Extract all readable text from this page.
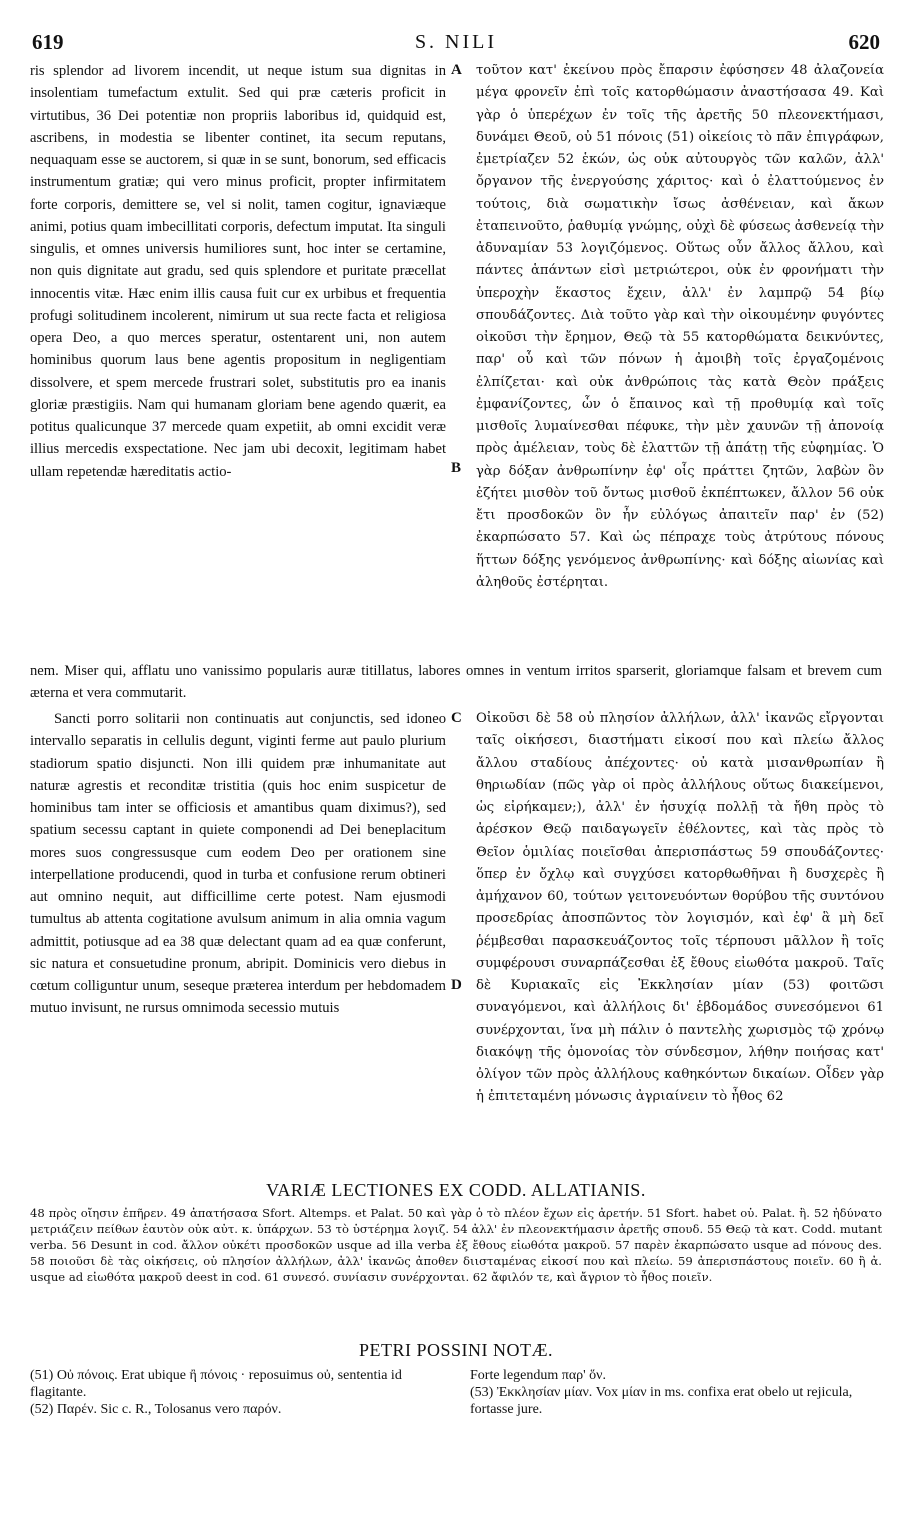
619	S. NILI	620

ris splendor ad livorem incendit, ut neque istum sua dignitas in insolentiam tumefactum extulit. Sed qui præ cæteris proficit in virtutibus, 36 Dei potentiæ non propriis laboribus id, quidquid est, ascribens, in modestia se libenter continet, ita secum reputans, nequaquam esse se auctorem, si quæ in se sunt, bonorum, sed efficacis instrumentum gratiæ; qui vero minus proficit, propter infirmitatem forte corporis, demittere se, vel si nolit, tamen cogitur, ignaviæque animi, potius quam imbecillitati corporis, defectum imputat. Ita singuli singulis, et omnes universis humiliores sunt, hoc inter se certamine, non quis dignitate aut gradu, sed quis splendore et puritate præcellat innocentis vitæ. Hæc enim illis causa fuit cur ex urbibus et frequentia profugi solitudinem incolerent, nimirum ut sua recte facta et religiosa opera Deo, a quo merces speratur, ostentarent uni, non autem hominibus quorum laus bene agentis propositum in negligentiam dissolvere, et spem mercede frustrari solet, substitutis pro ea inanis gloriæ præstigiis. Nam qui humanam gloriam bene agendo quærit, ea potitus qualicunque 37 mercede quam expetiit, ab omni excidit veræ illius mercedis exspectatione. Nec jam ubi decoxit, legitimam habet ullam repetendæ hæreditatis actio-

τοῦτον κατ' ἐκείνου πρὸς ἔπαρσιν ἐφύσησεν 48 ἀλαζονεία μέγα φρονεῖν ἐπὶ τοῖς κατορθώμασιν ἀναστήσασα 49. Καὶ γὰρ ὁ ὑπερέχων ἐν τοῖς τῆς ἀρετῆς 50 πλεονεκτήμασι, δυνάμει Θεοῦ, οὐ 51 πόνοις (51) οἰκείοις τὸ πᾶν ἐπιγράφων, ἐμετρίαζεν 52 ἑκών, ὡς οὐκ αὐτουργὸς τῶν καλῶν, ἀλλ' ὄργανον τῆς ἐνεργούσης χάριτος· καὶ ὁ ἐλαττούμενος ἐν τούτοις, διὰ σωματικὴν ἴσως ἀσθένειαν, καὶ ἄκων ἐταπεινοῦτο, ῥαθυμίᾳ γνώμης, οὐχὶ δὲ φύσεως ἀσθενείᾳ τὴν ἀδυναμίαν 53 λογιζόμενος. Οὕτως οὖν ἄλλος ἄλλου, καὶ πάντες ἁπάντων εἰσὶ μετριώτεροι, οὐκ ἐν φρονήματι τὴν ὑπεροχὴν ἕκαστος ἔχειν, ἀλλ' ἐν λαμπρῷ 54 βίῳ σπουδάζοντες. Διὰ τοῦτο γὰρ καὶ τὴν οἰκουμένην φυγόντες οἰκοῦσι τὴν ἔρημον, Θεῷ τὰ 55 κατορθώματα δεικνύντες, παρ' οὗ καὶ τῶν πόνων ἡ ἀμοιβὴ τοῖς ἐργαζομένοις ἐλπίζεται· καὶ οὐκ ἀνθρώποις τὰς κατὰ Θεὸν πράξεις ἐμφανίζοντες, ὧν ὁ ἔπαινος καὶ τῇ προθυμίᾳ καὶ τοῖς μισθοῖς λυμαίνεσθαι πέφυκε, τὴν μὲν χαυνῶν τῇ ἀπονοίᾳ πρὸς ἀμέλειαν, τοὺς δὲ ἐλαττῶν τῇ ἀπάτῃ τῆς εὐφημίας. Ὁ γὰρ δόξαν ἀνθρωπίνην ἐφ' οἷς πράττει ζητῶν, λαβὼν ὃν ἐζήτει μισθὸν τοῦ ὄντως μισθοῦ ἐκπέπτωκεν, ἄλλον 56 οὐκ ἔτι προσδοκῶν ὃν ἦν εὐλόγως ἀπαιτεῖν παρ' ἐν (52) ἐκαρπώσατο 57. Καὶ ὡς πέπραχε τοὺς ἀτρύτους πόνους ἥττων δόξης γενόμενος ἀνθρωπίνης· καὶ δόξης αἰωνίας καὶ ἀληθοῦς ἐστέρηται.

A
B

nem. Miser qui, afflatu uno vanissimo popularis auræ titillatus, labores omnes in ventum irritos sparserit, gloriamque falsam et brevem cum æterna et vera commutarit.

Sancti porro solitarii non continuatis aut conjunctis, sed idoneo intervallo separatis in cellulis degunt, viginti ferme aut paulo plurium stadiorum spatio disjuncti. Non illi quidem præ inhumanitate aut naturæ agrestis et reconditæ tristitia (quis hoc enim suspicetur de hominibus tam inter se officiosis et amantibus quam diximus?), sed spatium secessu captant in quiete componendi ad Dei beneplacitum mores suos congressusque cum eodem Deo per orationem sine interpellatione producendi, quod in turba et confusione rerum obtineri aut omnino nequit, aut difficillime certe potest. Nam ejusmodi tumultus ab attenta cogitatione avulsum animum in alia omnia vagum admittit, potiusque ad ea 38 quæ delectant quam ad ea quæ conferunt, sic natura et consuetudine pronum, abripit. Dominicis vero diebus in cœtum colliguntur unum, seseque præterea interdum per hebdomadem mutuo invisunt, ne rursus omnimoda secessio mutuis

Οἰκοῦσι δὲ 58 οὐ πλησίον ἀλλήλων, ἀλλ' ἱκανῶς εἴργονται ταῖς οἰκήσεσι, διαστήματι εἰκοσί που καὶ πλείω ἄλλος ἄλλου σταδίους ἀπέχοντες· οὐ κατὰ μισανθρωπίαν ἢ θηριωδίαν (πῶς γὰρ οἱ πρὸς ἀλλήλους οὕτως διακείμενοι, ὡς εἰρήκαμεν;), ἀλλ' ἐν ἡσυχίᾳ πολλῇ τὰ ἤθη πρὸς τὸ ἀρέσκον Θεῷ παιδαγωγεῖν ἐθέλοντες, καὶ τὰς πρὸς τὸ Θεῖον ὁμιλίας ποιεῖσθαι ἀπερισπάστως 59 σπουδάζοντες· ὅπερ ἐν ὄχλῳ καὶ συγχύσει κατορθωθῆναι ἢ δυσχερὲς ἢ ἀμήχανον 60, τούτων γειτονευόντων θορύβου τῆς συντόνου προσεδρίας ἀποσπῶντος τὸν λογισμόν, καὶ ἐφ' ἃ μὴ δεῖ ῥέμβεσθαι παρασκευάζοντος τοῖς τέρπουσι μᾶλλον ἢ τοῖς συμφέρουσι συναρπάζεσθαι ἐξ ἔθους εἰωθότα μακροῦ. Ταῖς δὲ Κυριακαῖς εἰς Ἐκκλησίαν μίαν (53) φοιτῶσι συναγόμενοι, καὶ ἀλλήλοις δι' ἑβδομάδος συνεσόμενοι 61 συνέρχονται, ἵνα μὴ πάλιν ὁ παντελὴς χωρισμὸς τῷ χρόνῳ διακόψῃ τῆς ὁμονοίας τὸν σύνδεσμον, λήθην ποιήσας κατ' ὀλίγον τῶν πρὸς ἀλλήλους καθηκόντων δικαίων. Οἶδεν γὰρ ἡ ἐπιτεταμένη μόνωσις ἀγριαίνειν τὸ ἦθος 62

C
D
VARIÆ LECTIONES EX CODD. ALLATIANIS.

48 πρὸς οἴησιν ἐπῆρεν. 49 ἀπατήσασα Sfort. Altemps. et Palat. 50 καὶ γὰρ ὁ τὸ πλέον ἔχων εἰς ἀρετήν. 51 Sfort. habet οὐ. Palat. ἢ. 52 ἠδύνατο μετριάζειν πείθων ἑαυτὸν οὐκ αὐτ. κ. ὑπάρχων. 53 τὸ ὑστέρημα λογιζ. 54 ἀλλ' ἐν πλεονεκτήμασιν ἀρετῆς σπουδ. 55 Θεῷ τὰ κατ. Codd. mutant verba. 56 Desunt in cod. ἄλλον οὐκέτι προσδοκῶν usque ad illa verba ἐξ ἔθους εἰωθότα μακροῦ. 57 παρὲν ἐκαρπώσατο usque ad πόνους des. 58 ποιοῦσι δὲ τὰς οἰκήσεις, οὐ πλησίον ἀλλήλων, ἀλλ' ἱκανῶς ἀποθεν διισταμένας εἰκοσί που καὶ πλείω. 59 ἀπερισπάστους ποιεῖν. 60 ἢ ἀ. usque ad εἰωθότα μακροῦ deest in cod. 61 συνεσό. συνίασιν συνέρχονται. 62 ἄφιλόν τε, καὶ ἄγριον τὸ ἦθος ποιεῖν.

PETRI POSSINI NOTÆ.

(51) Οὐ πόνοις. Erat ubique ἢ πόνοις · reposuimus οὐ, sententia id flagitante.

(52) Παρέν. Sic c. R., Tolosanus vero παρόν.

Forte legendum παρ' ὅν.

(53) Ἐκκλησίαν μίαν. Vox μίαν in ms. confixa erat obelo ut rejicula, fortasse jure.
